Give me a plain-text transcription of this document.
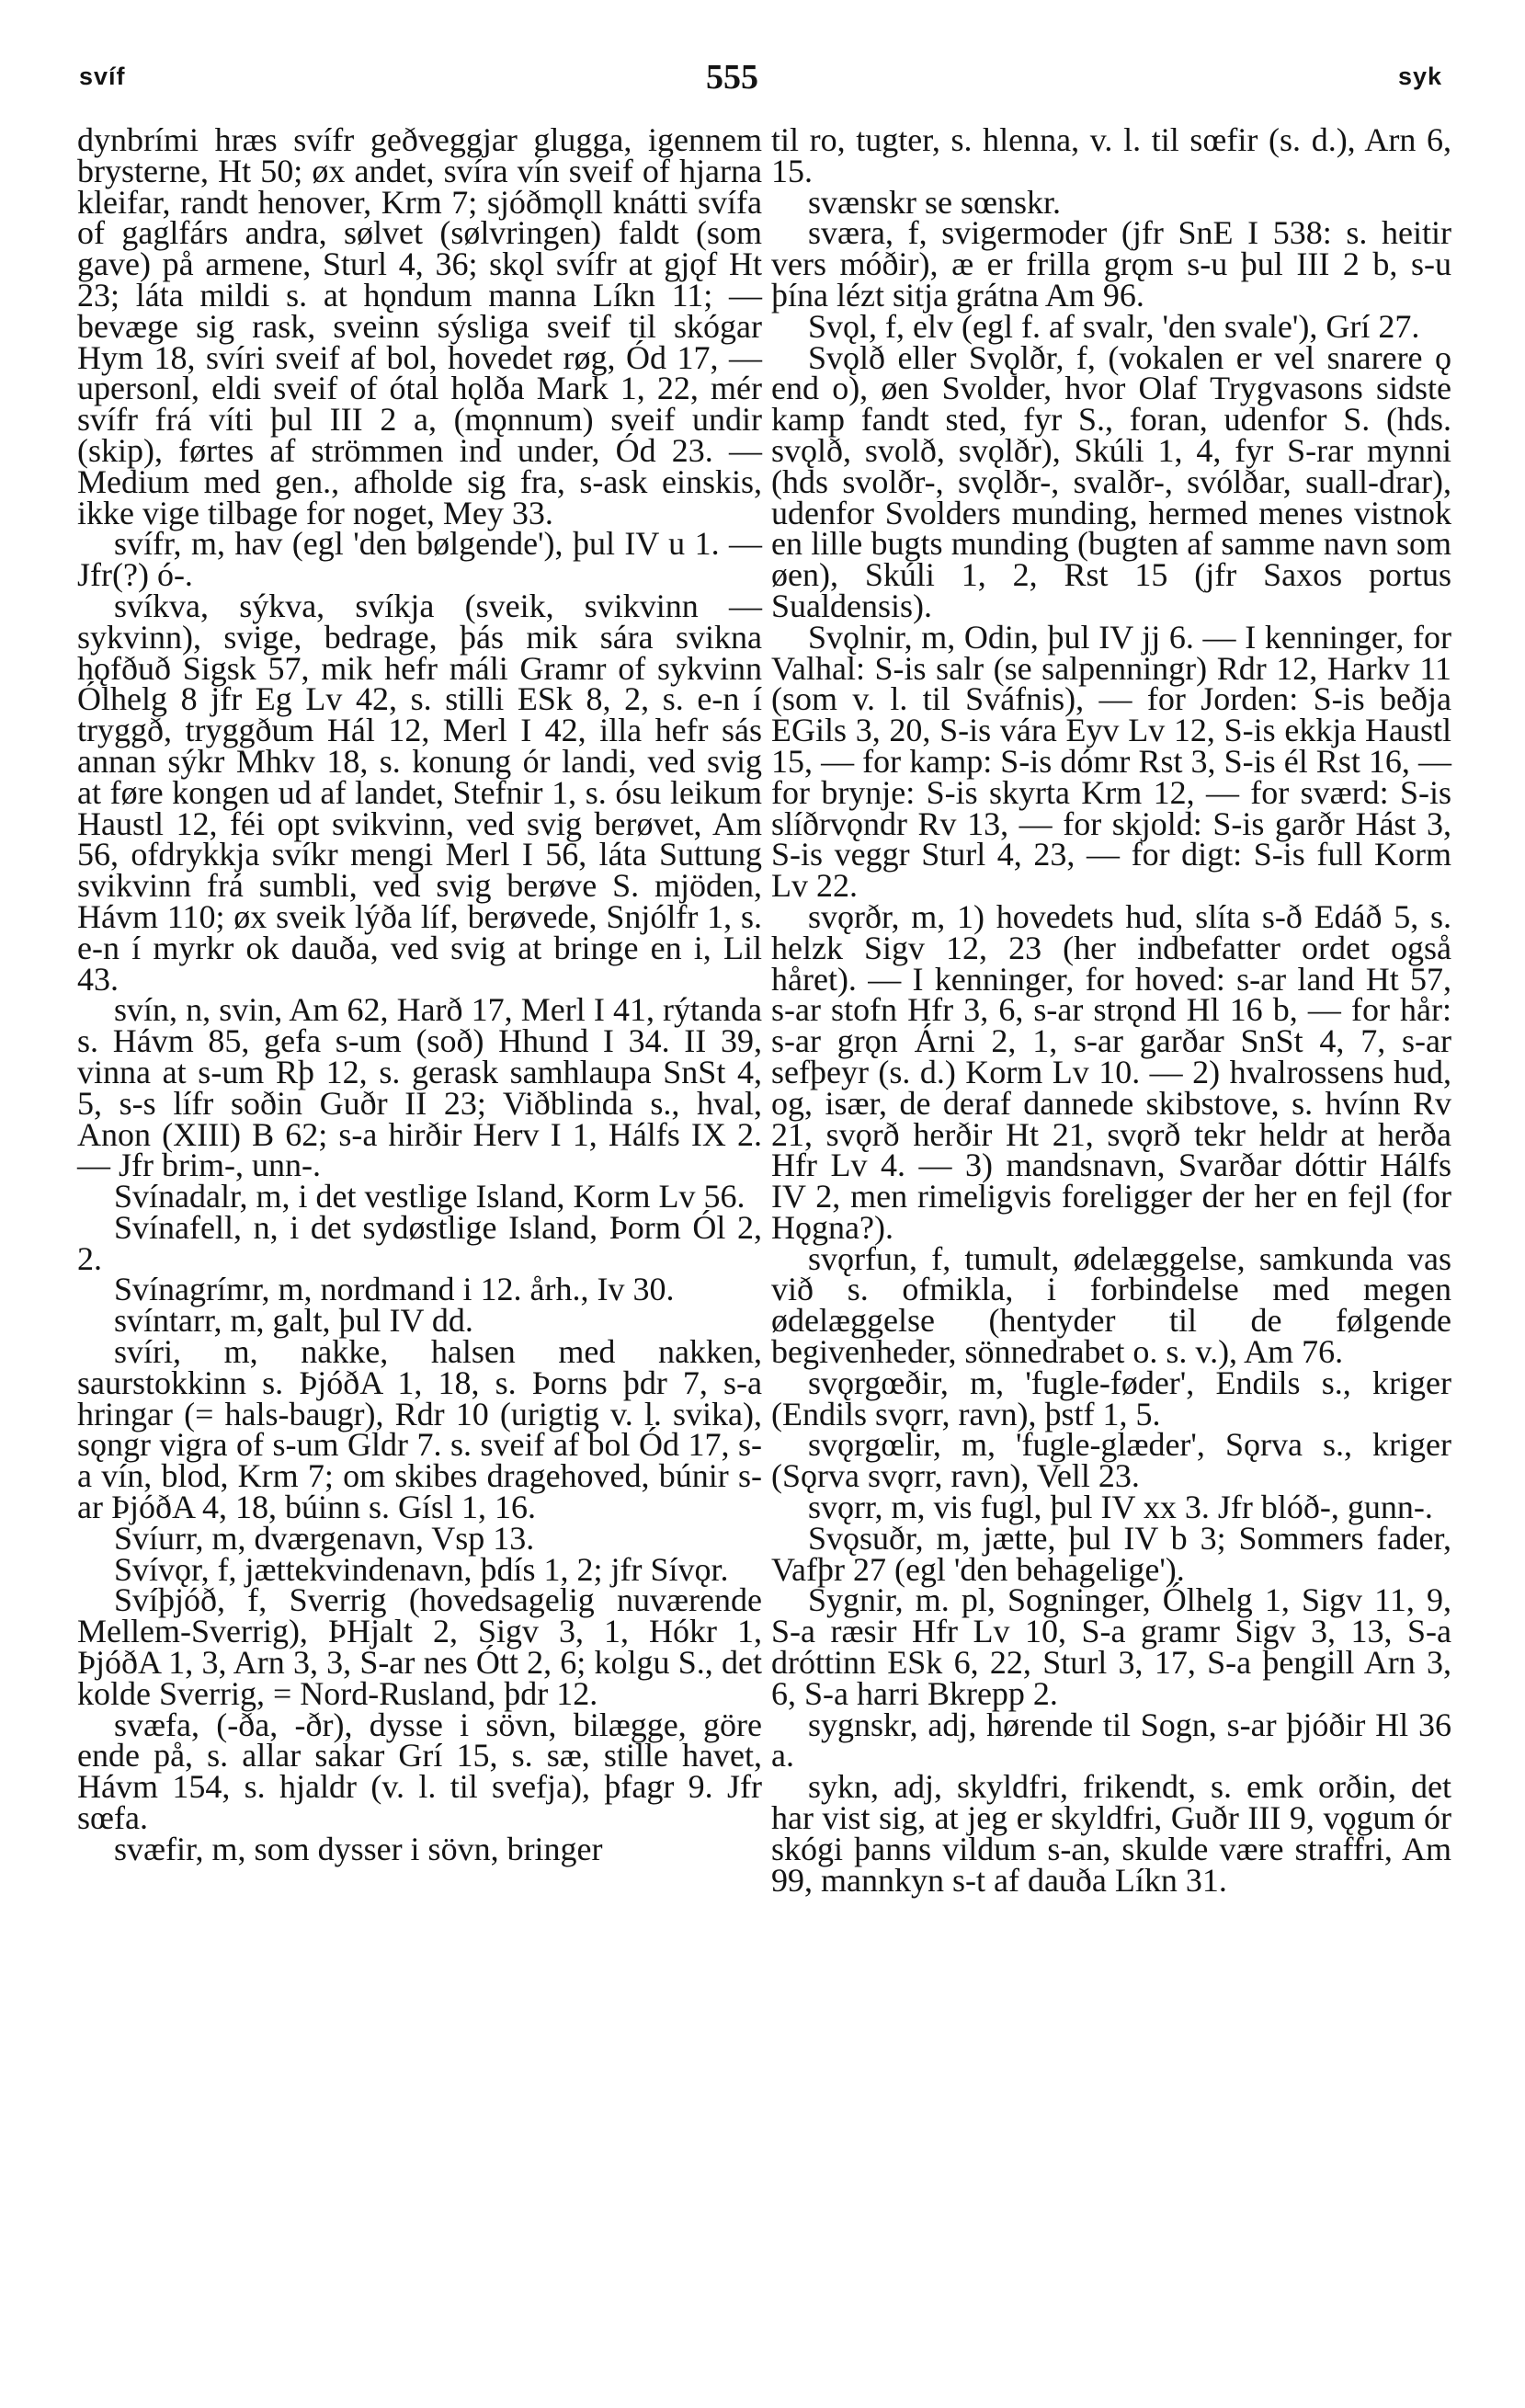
svíf	555	syk

dynbrími hræs svífr geðveggjar glugga, igennem brysterne, Ht 50; øx andet, svíra vín sveif of hjarna kleifar, randt henover, Krm 7; sjóðmǫll knátti svífa of gaglfárs andra, sølvet (sølvringen) faldt (som gave) på armene, Sturl 4, 36; skǫl svífr at gjǫf Ht 23; láta mildi s. at hǫndum manna Líkn 11; — bevæge sig rask, sveinn sýsliga sveif til skógar Hym 18, svíri sveif af bol, hovedet røg, Ód 17, — upersonl, eldi sveif of ótal hǫlða Mark 1, 22, mér svífr frá víti þul III 2 a, (mǫnnum) sveif undir (skip), førtes af strömmen ind under, Ód 23. — Medium med gen., afholde sig fra, s-ask einskis, ikke vige tilbage for noget, Mey 33.

svífr, m, hav (egl 'den bølgende'), þul IV u 1. — Jfr(?) ó-.

svíkva, sýkva, svíkja (sveik, svikvinn — sykvinn), svige, bedrage, þás mik sára svikna hǫfðuð Sigsk 57, mik hefr máli Gramr of sykvinn Ólhelg 8 jfr Eg Lv 42, s. stilli ESk 8, 2, s. e-n í tryggð, tryggðum Hál 12, Merl I 42, illa hefr sás annan sýkr Mhkv 18, s. konung ór landi, ved svig at føre kongen ud af landet, Stefnir 1, s. ósu leikum Haustl 12, féi opt svikvinn, ved svig berøvet, Am 56, ofdrykkja svíkr mengi Merl I 56, láta Suttung svikvinn frá sumbli, ved svig berøve S. mjöden, Hávm 110; øx sveik lýða líf, berøvede, Snjólfr 1, s. e-n í myrkr ok dauða, ved svig at bringe en i, Lil 43.

svín, n, svin, Am 62, Harð 17, Merl I 41, rýtanda s. Hávm 85, gefa s-um (soð) Hhund I 34. II 39, vinna at s-um Rþ 12, s. gerask samhlaupa SnSt 4, 5, s-s lífr soðin Guðr II 23; Viðblinda s., hval, Anon (XIII) B 62; s-a hirðir Herv I 1, Hálfs IX 2. — Jfr brim-, unn-.

Svínadalr, m, i det vestlige Island, Korm Lv 56.

Svínafell, n, i det sydøstlige Island, Þorm Ól 2, 2.

Svínagrímr, m, nordmand i 12. årh., Iv 30.

svíntarr, m, galt, þul IV dd.

svíri, m, nakke, halsen med nakken, saurstokkinn s. ÞjóðA 1, 18, s. Þorns þdr 7, s-a hringar (= hals-baugr), Rdr 10 (urigtig v. l. svika), sǫngr vigra of s-um Gldr 7. s. sveif af bol Ód 17, s-a vín, blod, Krm 7; om skibes dragehoved, búnir s-ar ÞjóðA 4, 18, búinn s. Gísl 1, 16.

Svíurr, m, dværgenavn, Vsp 13.

Svívǫr, f, jættekvindenavn, þdís 1, 2; jfr Sívǫr.

Svíþjóð, f, Sverrig (hovedsagelig nuværende Mellem-Sverrig), ÞHjalt 2, Sigv 3, 1, Hókr 1, ÞjóðA 1, 3, Arn 3, 3, S-ar nes Ótt 2, 6; kolgu S., det kolde Sverrig, = Nord-Rusland, þdr 12.

svæfa, (-ða, -ðr), dysse i sövn, bilægge, göre ende på, s. allar sakar Grí 15, s. sæ, stille havet, Hávm 154, s. hjaldr (v. l. til svefja), þfagr 9. Jfr sœfa.

svæfir, m, som dysser i sövn, bringer

til ro, tugter, s. hlenna, v. l. til sœfir (s. d.), Arn 6, 15.

svænskr se sœnskr.

sværa, f, svigermoder (jfr SnE I 538: s. heitir vers móðir), æ er frilla grǫm s-u þul III 2 b, s-u þína lézt sitja grátna Am 96.

Svǫl, f, elv (egl f. af svalr, 'den svale'), Grí 27.

Svǫlð eller Svǫlðr, f, (vokalen er vel snarere ǫ end o), øen Svolder, hvor Olaf Trygvasons sidste kamp fandt sted, fyr S., foran, udenfor S. (hds. svǫlð, svolð, svǫlðr), Skúli 1, 4, fyr S-rar mynni (hds svolðr-, svǫlðr-, svalðr-, svólðar, suall-drar), udenfor Svolders munding, hermed menes vistnok en lille bugts munding (bugten af samme navn som øen), Skúli 1, 2, Rst 15 (jfr Saxos portus Sualdensis).

Svǫlnir, m, Odin, þul IV jj 6. — I kenninger, for Valhal: S-is salr (se salpenningr) Rdr 12, Harkv 11 (som v. l. til Sváfnis), — for Jorden: S-is beðja EGils 3, 20, S-is vára Eyv Lv 12, S-is ekkja Haustl 15, — for kamp: S-is dómr Rst 3, S-is él Rst 16, — for brynje: S-is skyrta Krm 12, — for sværd: S-is slíðrvǫndr Rv 13, — for skjold: S-is garðr Hást 3, S-is veggr Sturl 4, 23, — for digt: S-is full Korm Lv 22.

svǫrðr, m, 1) hovedets hud, slíta s-ð Edáð 5, s. helzk Sigv 12, 23 (her indbefatter ordet også håret). — I kenninger, for hoved: s-ar land Ht 57, s-ar stofn Hfr 3, 6, s-ar strǫnd Hl 16 b, — for hår: s-ar grǫn Árni 2, 1, s-ar garðar SnSt 4, 7, s-ar sefþeyr (s. d.) Korm Lv 10. — 2) hvalrossens hud, og, især, de deraf dannede skibstove, s. hvínn Rv 21, svǫrð herðir Ht 21, svǫrð tekr heldr at herða Hfr Lv 4. — 3) mandsnavn, Svarðar dóttir Hálfs IV 2, men rimeligvis foreligger der her en fejl (for Hǫgna?).

svǫrfun, f, tumult, ødelæggelse, samkunda vas við s. ofmikla, i forbindelse med megen ødelæggelse (hentyder til de følgende begivenheder, sönnedrabet o. s. v.), Am 76.

svǫrgœðir, m, 'fugle-føder', Endils s., kriger (Endils svǫrr, ravn), þstf 1, 5.

svǫrgœlir, m, 'fugle-glæder', Sǫrva s., kriger (Sǫrva svǫrr, ravn), Vell 23.

svǫrr, m, vis fugl, þul IV xx 3. Jfr blóð-, gunn-.

Svǫsuðr, m, jætte, þul IV b 3; Sommers fader, Vafþr 27 (egl 'den behagelige').

Sygnir, m. pl, Sogninger, Ólhelg 1, Sigv 11, 9, S-a ræsir Hfr Lv 10, S-a gramr Sigv 3, 13, S-a dróttinn ESk 6, 22, Sturl 3, 17, S-a þengill Arn 3, 6, S-a harri Bkrepp 2.

sygnskr, adj, hørende til Sogn, s-ar þjóðir Hl 36 a.

sykn, adj, skyldfri, frikendt, s. emk orðin, det har vist sig, at jeg er skyldfri, Guðr III 9, vǫgum ór skógi þanns vildum s-an, skulde være straffri, Am 99, mannkyn s-t af dauða Líkn 31.
